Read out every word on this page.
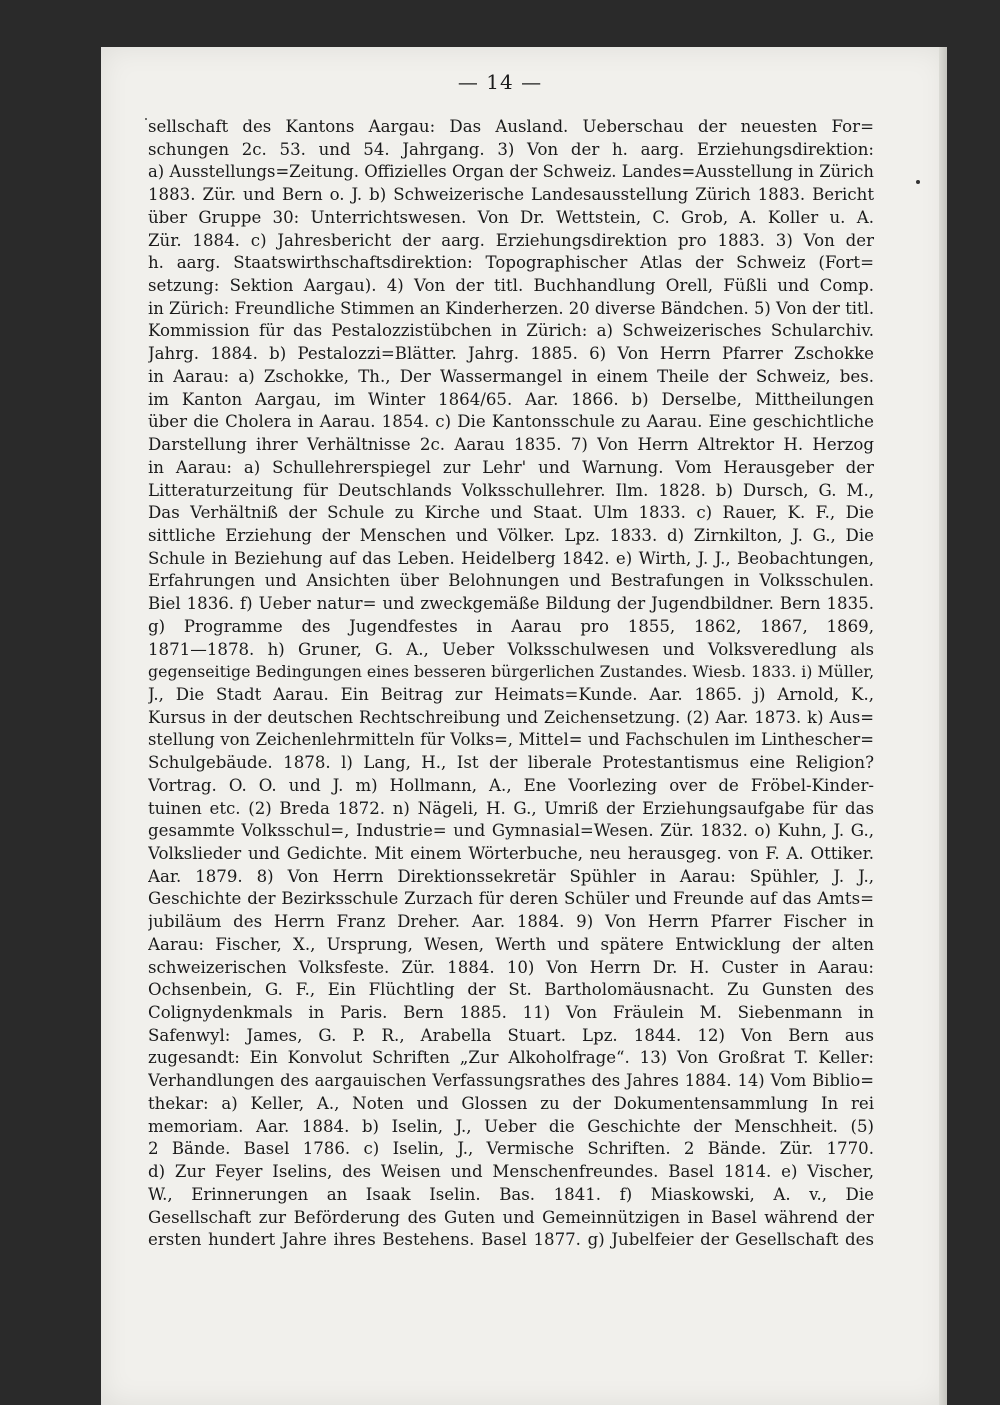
— 14 —
sellschaft des Kantons Aargau: Das Ausland. Ueberschau der neuesten For=
schungen 2c. 53. und 54. Jahrgang. 3) Von der h. aarg. Erziehungsdirektion:
a) Ausstellungs=Zeitung. Offizielles Organ der Schweiz. Landes=Ausstellung in Zürich
1883. Zür. und Bern o. J. b) Schweizerische Landesausstellung Zürich 1883. Bericht
über Gruppe 30: Unterrichtswesen. Von Dr. Wettstein, C. Grob, A. Koller u. A.
Zür. 1884. c) Jahresbericht der aarg. Erziehungsdirektion pro 1883. 3) Von der
h. aarg. Staatswirthschaftsdirektion: Topographischer Atlas der Schweiz (Fort=
setzung: Sektion Aargau). 4) Von der titl. Buchhandlung Orell, Füßli und Comp.
in Zürich: Freundliche Stimmen an Kinderherzen. 20 diverse Bändchen. 5) Von der titl.
Kommission für das Pestalozzistübchen in Zürich: a) Schweizerisches Schularchiv.
Jahrg. 1884. b) Pestalozzi=Blätter. Jahrg. 1885. 6) Von Herrn Pfarrer Zschokke
in Aarau: a) Zschokke, Th., Der Wassermangel in einem Theile der Schweiz, bes.
im Kanton Aargau, im Winter 1864/65. Aar. 1866. b) Derselbe, Mittheilungen
über die Cholera in Aarau. 1854. c) Die Kantonsschule zu Aarau. Eine geschichtliche
Darstellung ihrer Verhältnisse 2c. Aarau 1835. 7) Von Herrn Altrektor H. Herzog
in Aarau: a) Schullehrerspiegel zur Lehr' und Warnung. Vom Herausgeber der
Litteraturzeitung für Deutschlands Volksschullehrer. Ilm. 1828. b) Dursch, G. M.,
Das Verhältniß der Schule zu Kirche und Staat. Ulm 1833. c) Rauer, K. F., Die
sittliche Erziehung der Menschen und Völker. Lpz. 1833. d) Zirnkilton, J. G., Die
Schule in Beziehung auf das Leben. Heidelberg 1842. e) Wirth, J. J., Beobachtungen,
Erfahrungen und Ansichten über Belohnungen und Bestrafungen in Volksschulen.
Biel 1836. f) Ueber natur= und zweckgemäße Bildung der Jugendbildner. Bern 1835.
g) Programme des Jugendfestes in Aarau pro 1855, 1862, 1867, 1869,
1871—1878. h) Gruner, G. A., Ueber Volksschulwesen und Volksveredlung als
gegenseitige Bedingungen eines besseren bürgerlichen Zustandes. Wiesb. 1833. i) Müller,
J., Die Stadt Aarau. Ein Beitrag zur Heimats=Kunde. Aar. 1865. j) Arnold, K.,
Kursus in der deutschen Rechtschreibung und Zeichensetzung. (2) Aar. 1873. k) Aus=
stellung von Zeichenlehrmitteln für Volks=, Mittel= und Fachschulen im Linthescher=
Schulgebäude. 1878. l) Lang, H., Ist der liberale Protestantismus eine Religion?
Vortrag. O. O. und J. m) Hollmann, A., Ene Voorlezing over de Fröbel-Kinder-
tuinen etc. (2) Breda 1872. n) Nägeli, H. G., Umriß der Erziehungsaufgabe für das
gesammte Volksschul=, Industrie= und Gymnasial=Wesen. Zür. 1832. o) Kuhn, J. G.,
Volkslieder und Gedichte. Mit einem Wörterbuche, neu herausgeg. von F. A. Ottiker.
Aar. 1879. 8) Von Herrn Direktionssekretär Spühler in Aarau: Spühler, J. J.,
Geschichte der Bezirksschule Zurzach für deren Schüler und Freunde auf das Amts=
jubiläum des Herrn Franz Dreher. Aar. 1884. 9) Von Herrn Pfarrer Fischer in
Aarau: Fischer, X., Ursprung, Wesen, Werth und spätere Entwicklung der alten
schweizerischen Volksfeste. Zür. 1884. 10) Von Herrn Dr. H. Custer in Aarau:
Ochsenbein, G. F., Ein Flüchtling der St. Bartholomäusnacht. Zu Gunsten des
Colignydenkmals in Paris. Bern 1885. 11) Von Fräulein M. Siebenmann in
Safenwyl: James, G. P. R., Arabella Stuart. Lpz. 1844. 12) Von Bern aus
zugesandt: Ein Konvolut Schriften „Zur Alkoholfrage“. 13) Von Großrat T. Keller:
Verhandlungen des aargauischen Verfassungsrathes des Jahres 1884. 14) Vom Biblio=
thekar: a) Keller, A., Noten und Glossen zu der Dokumentensammlung In rei
memoriam. Aar. 1884. b) Iselin, J., Ueber die Geschichte der Menschheit. (5)
2 Bände. Basel 1786. c) Iselin, J., Vermische Schriften. 2 Bände. Zür. 1770.
d) Zur Feyer Iselins, des Weisen und Menschenfreundes. Basel 1814. e) Vischer,
W., Erinnerungen an Isaak Iselin. Bas. 1841. f) Miaskowski, A. v., Die
Gesellschaft zur Beförderung des Guten und Gemeinnützigen in Basel während der
ersten hundert Jahre ihres Bestehens. Basel 1877. g) Jubelfeier der Gesellschaft des
